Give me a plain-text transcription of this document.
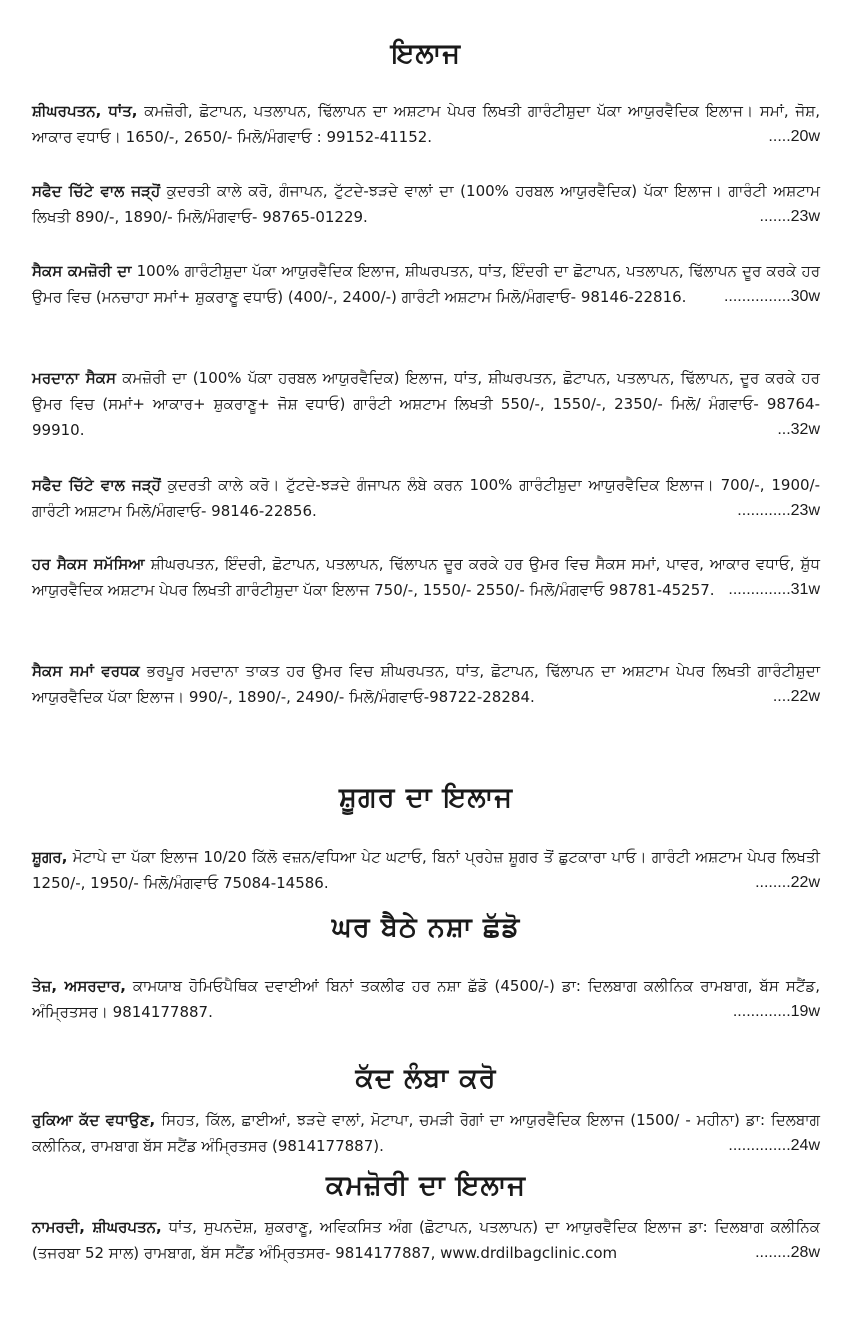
ਇਲਾਜ

ਸ਼ੀਘਰਪਤਨ, ਧਾਂਤ, ਕਮਜ਼ੋਰੀ, ਛੋਟਾਪਨ, ਪਤਲਾਪਨ, ਢਿੱਲਾਪਨ ਦਾ ਅਸ਼ਟਾਮ ਪੇਪਰ ਲਿਖਤੀ ਗਾਰੰਟੀਸ਼ੁਦਾ ਪੱਕਾ ਆਯੁਰਵੈਦਿਕ ਇਲਾਜ। ਸਮਾਂ, ਜੋਸ਼, ਆਕਾਰ ਵਧਾਓ। 1650/-, 2650/- ਮਿਲੋ/ਮੰਗਵਾਓ : 99152-41152.	.....20w

ਸਫੈਦ ਚਿੱਟੇ ਵਾਲ ਜੜ੍ਹੋਂ ਕੁਦਰਤੀ ਕਾਲੇ ਕਰੋ, ਗੰਜਾਪਨ, ਟੁੱਟਦੇ-ਝੜਦੇ ਵਾਲਾਂ ਦਾ (100% ਹਰਬਲ ਆਯੁਰਵੈਦਿਕ) ਪੱਕਾ ਇਲਾਜ। ਗਾਰੰਟੀ ਅਸ਼ਟਾਮ ਲਿਖਤੀ 890/-, 1890/- ਮਿਲੋ/ਮੰਗਵਾਓ- 98765-01229.	.......23w

ਸੈਕਸ ਕਮਜ਼ੋਰੀ ਦਾ 100% ਗਾਰੰਟੀਸ਼ੁਦਾ ਪੱਕਾ ਆਯੁਰਵੈਦਿਕ ਇਲਾਜ, ਸ਼ੀਘਰਪਤਨ, ਧਾਂਤ, ਇੰਦਰੀ ਦਾ ਛੋਟਾਪਨ, ਪਤਲਾਪਨ, ਢਿੱਲਾਪਨ ਦੂਰ ਕਰਕੇ ਹਰ ਉਮਰ ਵਿਚ (ਮਨਚਾਹਾ ਸਮਾਂ+ ਸ਼ੁਕਰਾਣੂ ਵਧਾਓ) (400/-, 2400/-) ਗਾਰੰਟੀ ਅਸ਼ਟਾਮ ਮਿਲੋ/ਮੰਗਵਾਓ- 98146-22816. ...............30w

ਮਰਦਾਨਾ ਸੈਕਸ ਕਮਜ਼ੋਰੀ ਦਾ (100% ਪੱਕਾ ਹਰਬਲ ਆਯੁਰਵੈਦਿਕ) ਇਲਾਜ, ਧਾਂਤ, ਸ਼ੀਘਰਪਤਨ, ਛੋਟਾਪਨ, ਪਤਲਾਪਨ, ਢਿੱਲਾਪਨ, ਦੂਰ ਕਰਕੇ ਹਰ ਉਮਰ ਵਿਚ (ਸਮਾਂ+ ਆਕਾਰ+ ਸ਼ੁਕਰਾਣੂ+ ਜੋਸ਼ ਵਧਾਓ) ਗਾਰੰਟੀ ਅਸ਼ਟਾਮ ਲਿਖਤੀ 550/-, 1550/-, 2350/- ਮਿਲੋ/ ਮੰਗਵਾਓ- 98764-99910.	...32w

ਸਫੈਦ ਚਿੱਟੇ ਵਾਲ ਜੜ੍ਹੋਂ ਕੁਦਰਤੀ ਕਾਲੇ ਕਰੋ। ਟੁੱਟਦੇ-ਝੜਦੇ ਗੰਜਾਪਨ ਲੰਬੇ ਕਰਨ 100% ਗਾਰੰਟੀਸ਼ੁਦਾ ਆਯੁਰਵੈਦਿਕ ਇਲਾਜ। 700/-, 1900/- ਗਾਰੰਟੀ ਅਸ਼ਟਾਮ ਮਿਲੋ/ਮੰਗਵਾਓ- 98146-22856.	............23w

ਹਰ ਸੈਕਸ ਸਮੱਸਿਆ ਸ਼ੀਘਰਪਤਨ, ਇੰਦਰੀ, ਛੋਟਾਪਨ, ਪਤਲਾਪਨ, ਢਿੱਲਾਪਨ ਦੂਰ ਕਰਕੇ ਹਰ ਉਮਰ ਵਿਚ ਸੈਕਸ ਸਮਾਂ, ਪਾਵਰ, ਆਕਾਰ ਵਧਾਓ, ਸ਼ੁੱਧ ਆਯੁਰਵੈਦਿਕ ਅਸ਼ਟਾਮ ਪੇਪਰ ਲਿਖਤੀ ਗਾਰੰਟੀਸ਼ੁਦਾ ਪੱਕਾ ਇਲਾਜ 750/-, 1550/- 2550/- ਮਿਲੋ/ਮੰਗਵਾਓ 98781-45257. ..............31w

ਸੈਕਸ ਸਮਾਂ ਵਰਧਕ ਭਰਪੂਰ ਮਰਦਾਨਾ ਤਾਕਤ ਹਰ ਉਮਰ ਵਿਚ ਸ਼ੀਘਰਪਤਨ, ਧਾਂਤ, ਛੋਟਾਪਨ, ਢਿੱਲਾਪਨ ਦਾ ਅਸ਼ਟਾਮ ਪੇਪਰ ਲਿਖਤੀ ਗਾਰੰਟੀਸ਼ੁਦਾ ਆਯੁਰਵੈਦਿਕ ਪੱਕਾ ਇਲਾਜ। 990/-, 1890/-, 2490/- ਮਿਲੋ/ਮੰਗਵਾਓ-98722-28284.	....22w

ਸ਼ੂਗਰ ਦਾ ਇਲਾਜ

ਸ਼ੂਗਰ, ਮੋਟਾਪੇ ਦਾ ਪੱਕਾ ਇਲਾਜ 10/20 ਕਿੱਲੋ ਵਜ਼ਨ/ਵਧਿਆ ਪੇਟ ਘਟਾਓ, ਬਿਨਾਂ ਪ੍ਰਹੇਜ਼ ਸ਼ੂਗਰ ਤੋਂ ਛੁਟਕਾਰਾ ਪਾਓ। ਗਾਰੰਟੀ ਅਸ਼ਟਾਮ ਪੇਪਰ ਲਿਖਤੀ 1250/-, 1950/- ਮਿਲੋ/ਮੰਗਵਾਓ 75084-14586.	........22w

ਘਰ ਬੈਠੇ ਨਸ਼ਾ ਛੱਡੋ

ਤੇਜ਼, ਅਸਰਦਾਰ, ਕਾਮਯਾਬ ਹੋਮਿਓਪੈਥਿਕ ਦਵਾਈਆਂ ਬਿਨਾਂ ਤਕਲੀਫ ਹਰ ਨਸ਼ਾ ਛੱਡੋ (4500/-) ਡਾ: ਦਿਲਬਾਗ ਕਲੀਨਿਕ ਰਾਮਬਾਗ, ਬੱਸ ਸਟੈਂਡ, ਅੰਮ੍ਰਿਤਸਰ। 9814177887.	.............19w

ਕੱਦ ਲੰਬਾ ਕਰੋ

ਰੁਕਿਆ ਕੱਦ ਵਧਾਉਣ, ਸਿਹਤ, ਕਿੱਲ, ਛਾਈਆਂ, ਝੜਦੇ ਵਾਲਾਂ, ਮੋਟਾਪਾ, ਚਮੜੀ ਰੋਗਾਂ ਦਾ ਆਯੁਰਵੈਦਿਕ ਇਲਾਜ (1500/ - ਮਹੀਨਾ) ਡਾ: ਦਿਲਬਾਗ ਕਲੀਨਿਕ, ਰਾਮਬਾਗ ਬੱਸ ਸਟੈਂਡ ਅੰਮ੍ਰਿਤਸਰ (9814177887).	..............24w

ਕਮਜ਼ੋਰੀ ਦਾ ਇਲਾਜ

ਨਾਮਰਦੀ, ਸ਼ੀਘਰਪਤਨ, ਧਾਂਤ, ਸੁਪਨਦੋਸ਼, ਸ਼ੁਕਰਾਣੂ, ਅਵਿਕਸਿਤ ਅੰਗ (ਛੋਟਾਪਨ, ਪਤਲਾਪਨ) ਦਾ ਆਯੁਰਵੈਦਿਕ ਇਲਾਜ ਡਾ: ਦਿਲਬਾਗ ਕਲੀਨਿਕ (ਤਜਰਬਾ 52 ਸਾਲ) ਰਾਮਬਾਗ, ਬੱਸ ਸਟੈਂਡ ਅੰਮ੍ਰਿਤਸਰ- 9814177887, www.drdilbagclinic.com	........28w
